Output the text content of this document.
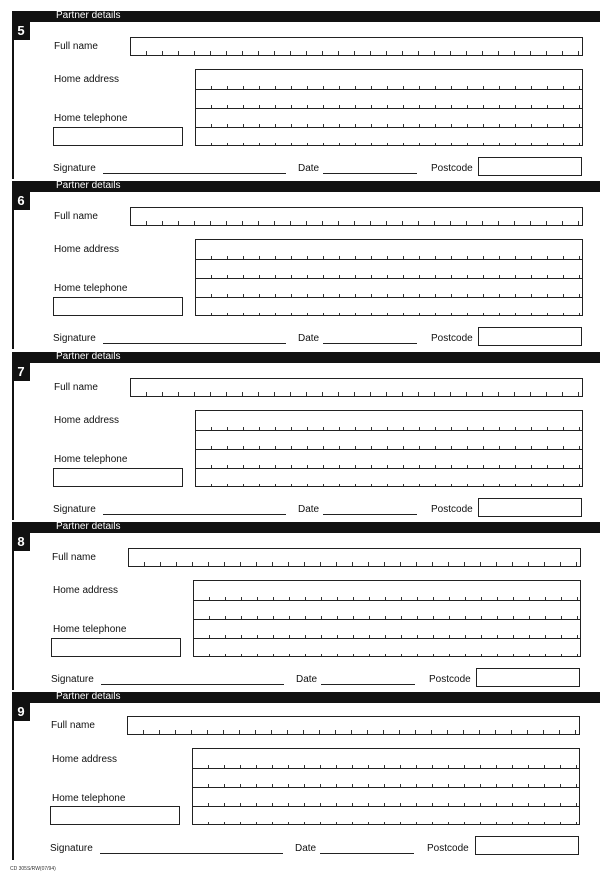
Partner details
5
Full name
Home address
Home telephone
Signature	Date	Postcode
Partner details
6
Full name
Home address
Home telephone
Signature	Date	Postcode
Partner details
7
Full name
Home address
Home telephone
Signature	Date	Postcode
Partner details
8
Full name
Home address
Home telephone
Signature	Date	Postcode
Partner details
9
Full name
Home address
Home telephone
Signature	Date	Postcode
CD 305S/RW(07/94)
